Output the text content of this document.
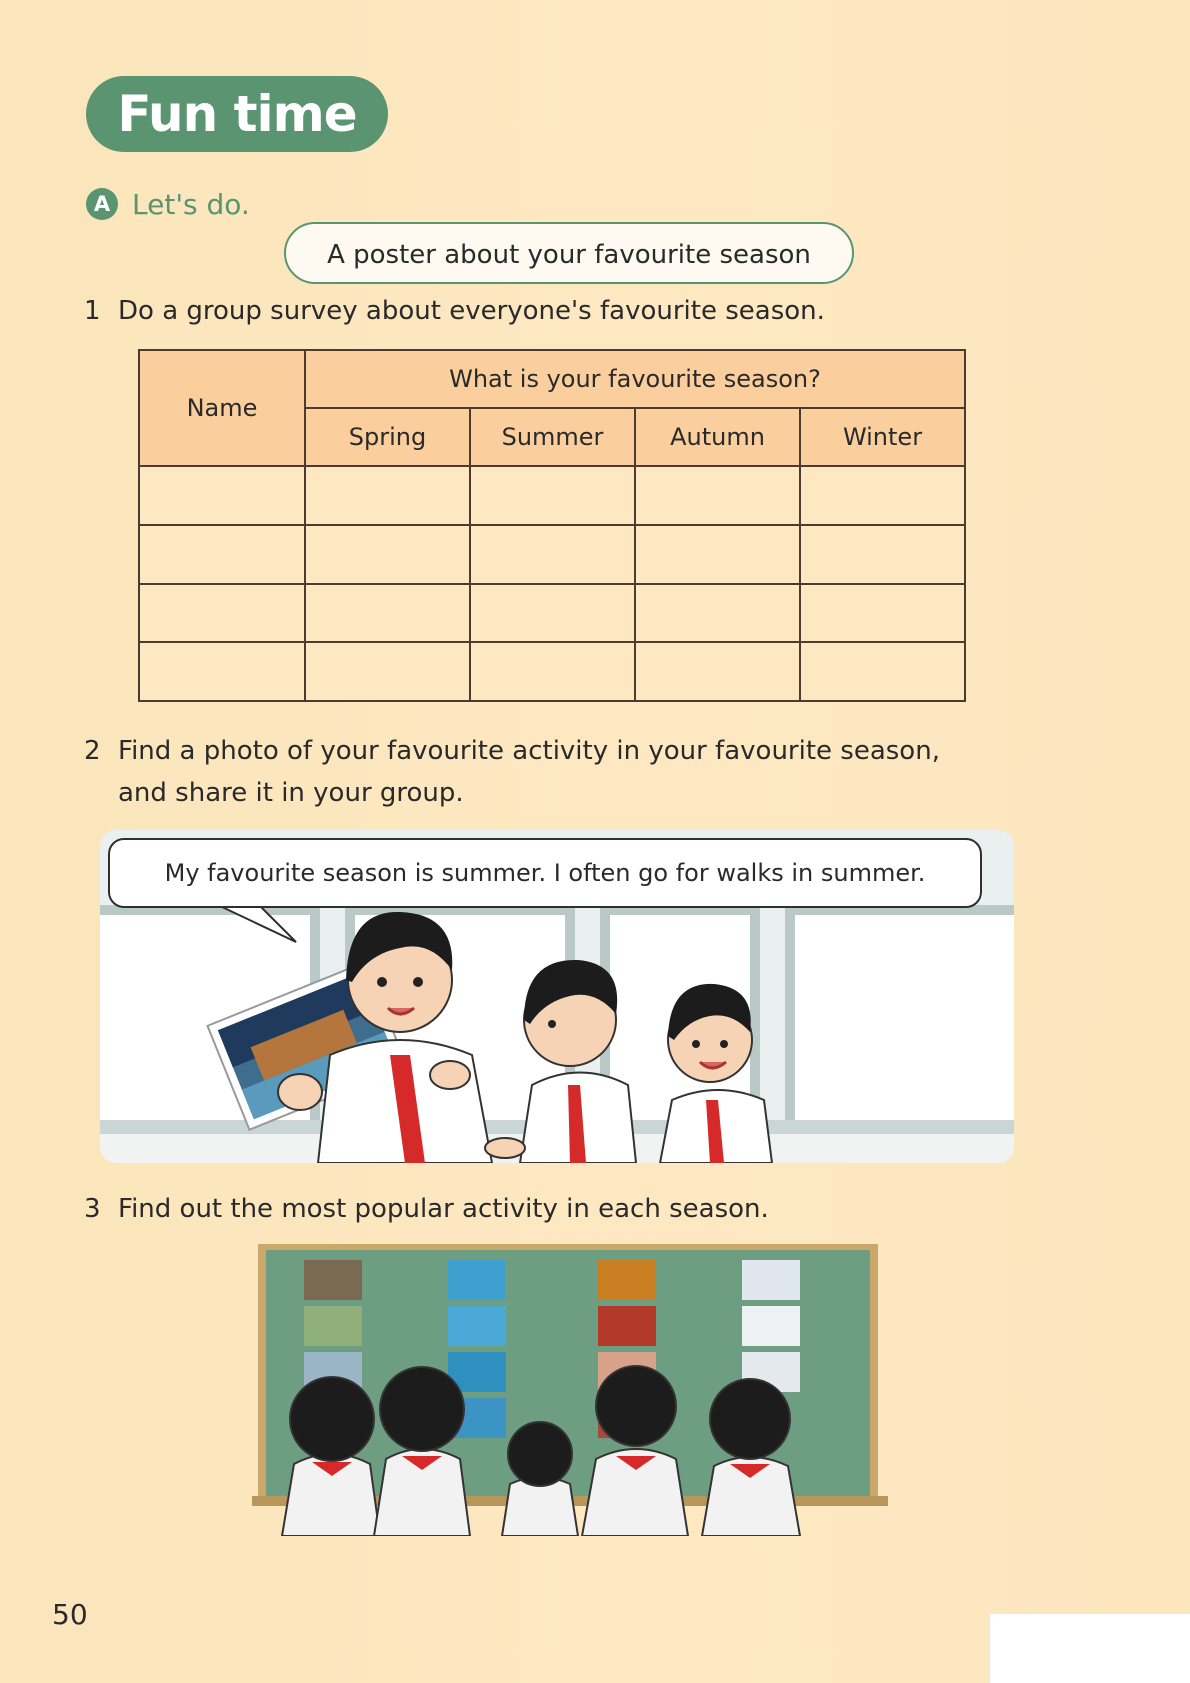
Fun time
A Let's do.
A poster about your favourite season
1 Do a group survey about everyone's favourite season.
Name	What is your favourite season?			
	Spring	Summer	Autumn	Winter

2 Find a photo of your favourite activity in your favourite season,
and share it in your group.
My favourite season is summer. I often go for walks in summer.
3 Find out the most popular activity in each season.
50
